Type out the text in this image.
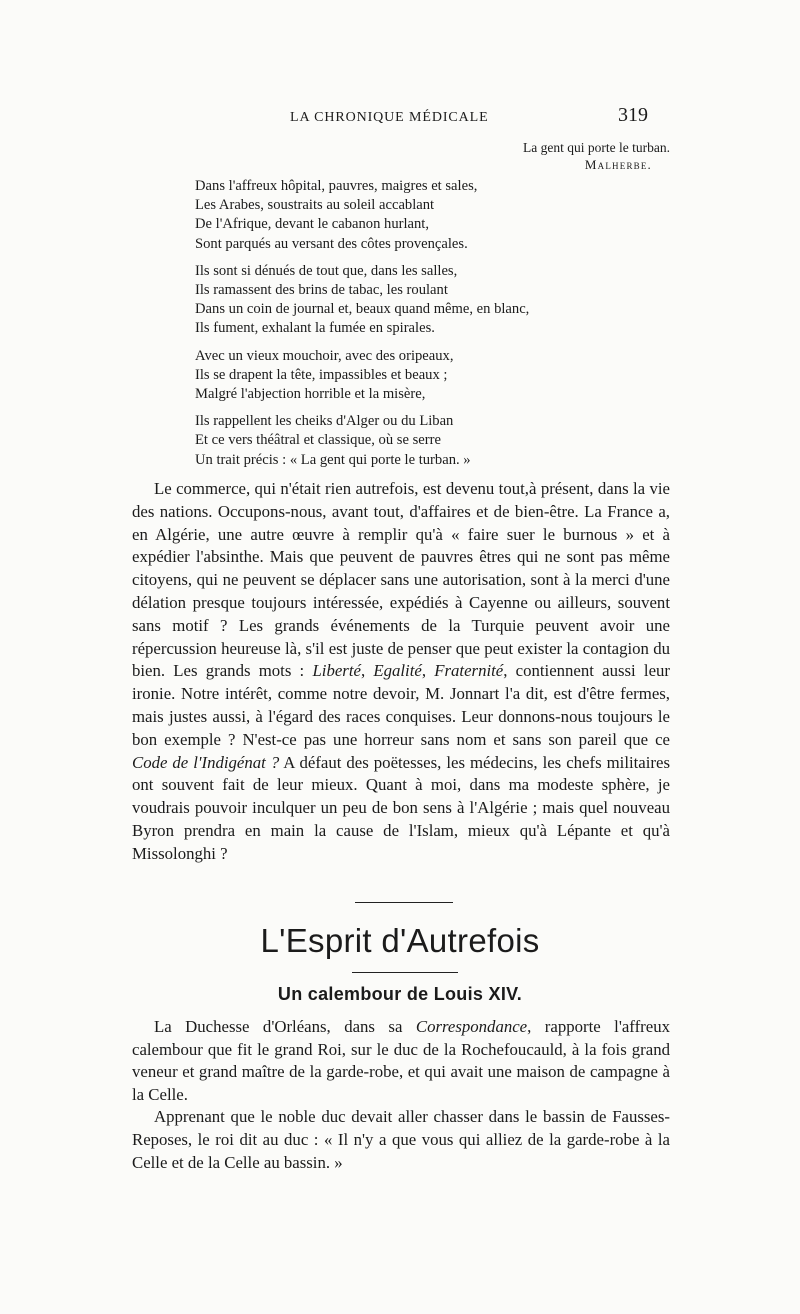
LA CHRONIQUE MÉDICALE	319
La gent qui porte le turban.
Malherbe.
Dans l'affreux hôpital, pauvres, maigres et sales,
Les Arabes, soustraits au soleil accablant
De l'Afrique, devant le cabanon hurlant,
Sont parqués au versant des côtes provençales.
Ils sont si dénués de tout que, dans les salles,
Ils ramassent des brins de tabac, les roulant
Dans un coin de journal et, beaux quand même, en blanc,
Ils fument, exhalant la fumée en spirales.
Avec un vieux mouchoir, avec des oripeaux,
Ils se drapent la tête, impassibles et beaux ;
Malgré l'abjection horrible et la misère,
Ils rappellent les cheiks d'Alger ou du Liban
Et ce vers théâtral et classique, où se serre
Un trait précis : « La gent qui porte le turban. »

Le commerce, qui n'était rien autrefois, est devenu tout,à présent, dans la vie des nations. Occupons-nous, avant tout, d'affaires et de bien-être. La France a, en Algérie, une autre œuvre à remplir qu'à « faire suer le burnous » et à expédier l'absinthe. Mais que peuvent de pauvres êtres qui ne sont pas même citoyens, qui ne peuvent se déplacer sans une autorisation, sont à la merci d'une délation presque toujours intéressée, expédiés à Cayenne ou ailleurs, souvent sans motif ? Les grands événements de la Turquie peuvent avoir une répercussion heureuse là, s'il est juste de penser que peut exister la contagion du bien. Les grands mots : Liberté, Egalité, Fraternité, contiennent aussi leur ironie. Notre intérêt, comme notre devoir, M. Jonnart l'a dit, est d'être fermes, mais justes aussi, à l'égard des races conquises. Leur donnons-nous toujours le bon exemple ? N'est-ce pas une horreur sans nom et sans son pareil que ce Code de l'Indigénat ? A défaut des poëtesses, les médecins, les chefs militaires ont souvent fait de leur mieux. Quant à moi, dans ma modeste sphère, je voudrais pouvoir inculquer un peu de bon sens à l'Algérie ; mais quel nouveau Byron prendra en main la cause de l'Islam, mieux qu'à Lépante et qu'à Missolonghi ?

L'Esprit d'Autrefois
Un calembour de Louis XIV.

La Duchesse d'Orléans, dans sa Correspondance, rapporte l'affreux calembour que fit le grand Roi, sur le duc de la Rochefoucauld, à la fois grand veneur et grand maître de la garde-robe, et qui avait une maison de campagne à la Celle.

Apprenant que le noble duc devait aller chasser dans le bassin de Fausses-Reposes, le roi dit au duc : « Il n'y a que vous qui alliez de la garde-robe à la Celle et de la Celle au bassin. »
